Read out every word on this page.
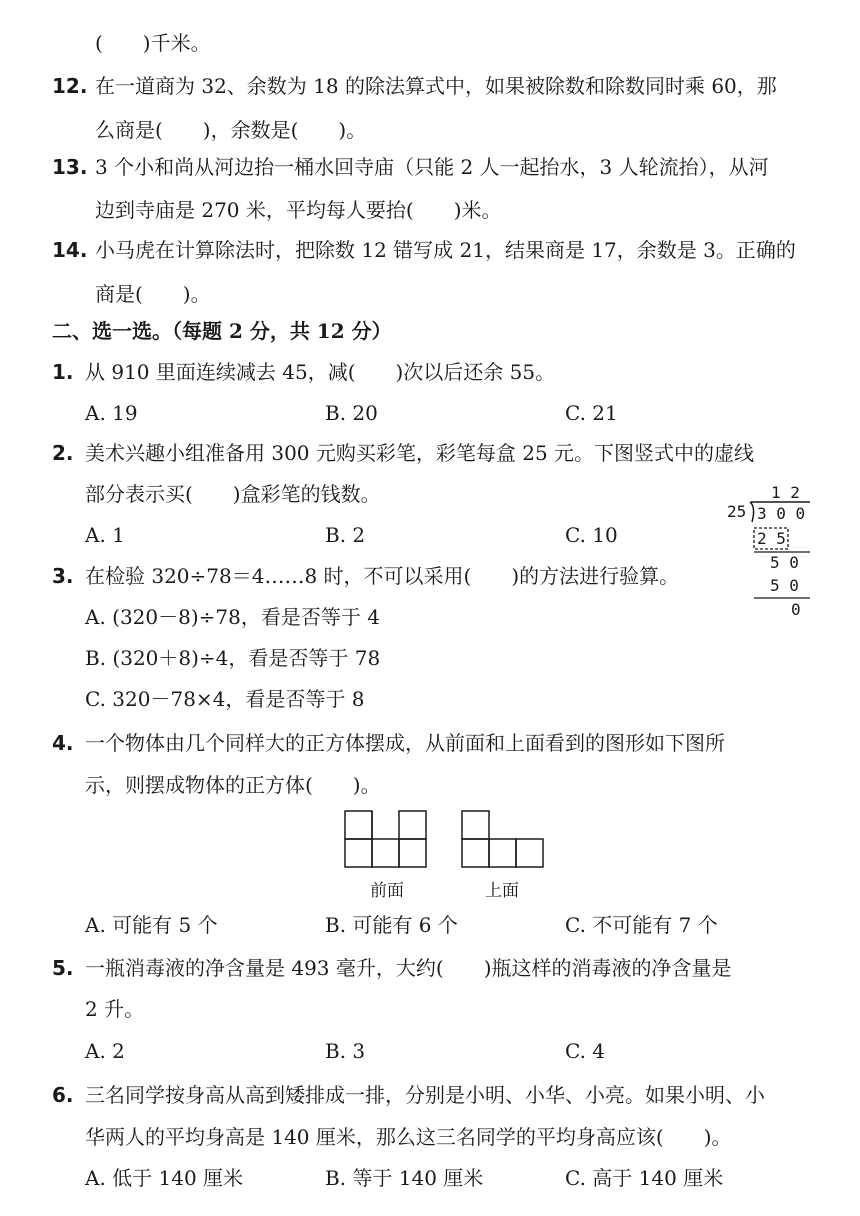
(　　)千米。
12. 在一道商为 32、余数为 18 的除法算式中，如果被除数和除数同时乘 60，那
么商是(　　)，余数是(　　)。
13. 3 个小和尚从河边抬一桶水回寺庙（只能 2 人一起抬水，3 人轮流抬），从河
边到寺庙是 270 米，平均每人要抬(　　)米。
14. 小马虎在计算除法时，把除数 12 错写成 21，结果商是 17，余数是 3。正确的
商是(　　)。
二、选一选。（每题 2 分，共 12 分）
1. 从 910 里面连续减去 45，减(　　)次以后还余 55。
A. 19	B. 20	C. 21
2. 美术兴趣小组准备用 300 元购买彩笔，彩笔每盒 25 元。下图竖式中的虚线
部分表示买(　　)盒彩笔的钱数。
A. 1	B. 2	C. 10
1 2
25 3 0 0
2 5
5 0
5 0
0
3. 在检验 320÷78＝4……8 时，不可以采用(　　)的方法进行验算。
A. (320－8)÷78，看是否等于 4
B. (320＋8)÷4，看是否等于 78
C. 320－78×4，看是否等于 8
4. 一个物体由几个同样大的正方体摆成，从前面和上面看到的图形如下图所
示，则摆成物体的正方体(　　)。
前面	上面
A. 可能有 5 个	B. 可能有 6 个	C. 不可能有 7 个
5. 一瓶消毒液的净含量是 493 毫升，大约(　　)瓶这样的消毒液的净含量是
2 升。
A. 2	B. 3	C. 4
6. 三名同学按身高从高到矮排成一排，分别是小明、小华、小亮。如果小明、小
华两人的平均身高是 140 厘米，那么这三名同学的平均身高应该(　　)。
A. 低于 140 厘米	B. 等于 140 厘米	C. 高于 140 厘米
